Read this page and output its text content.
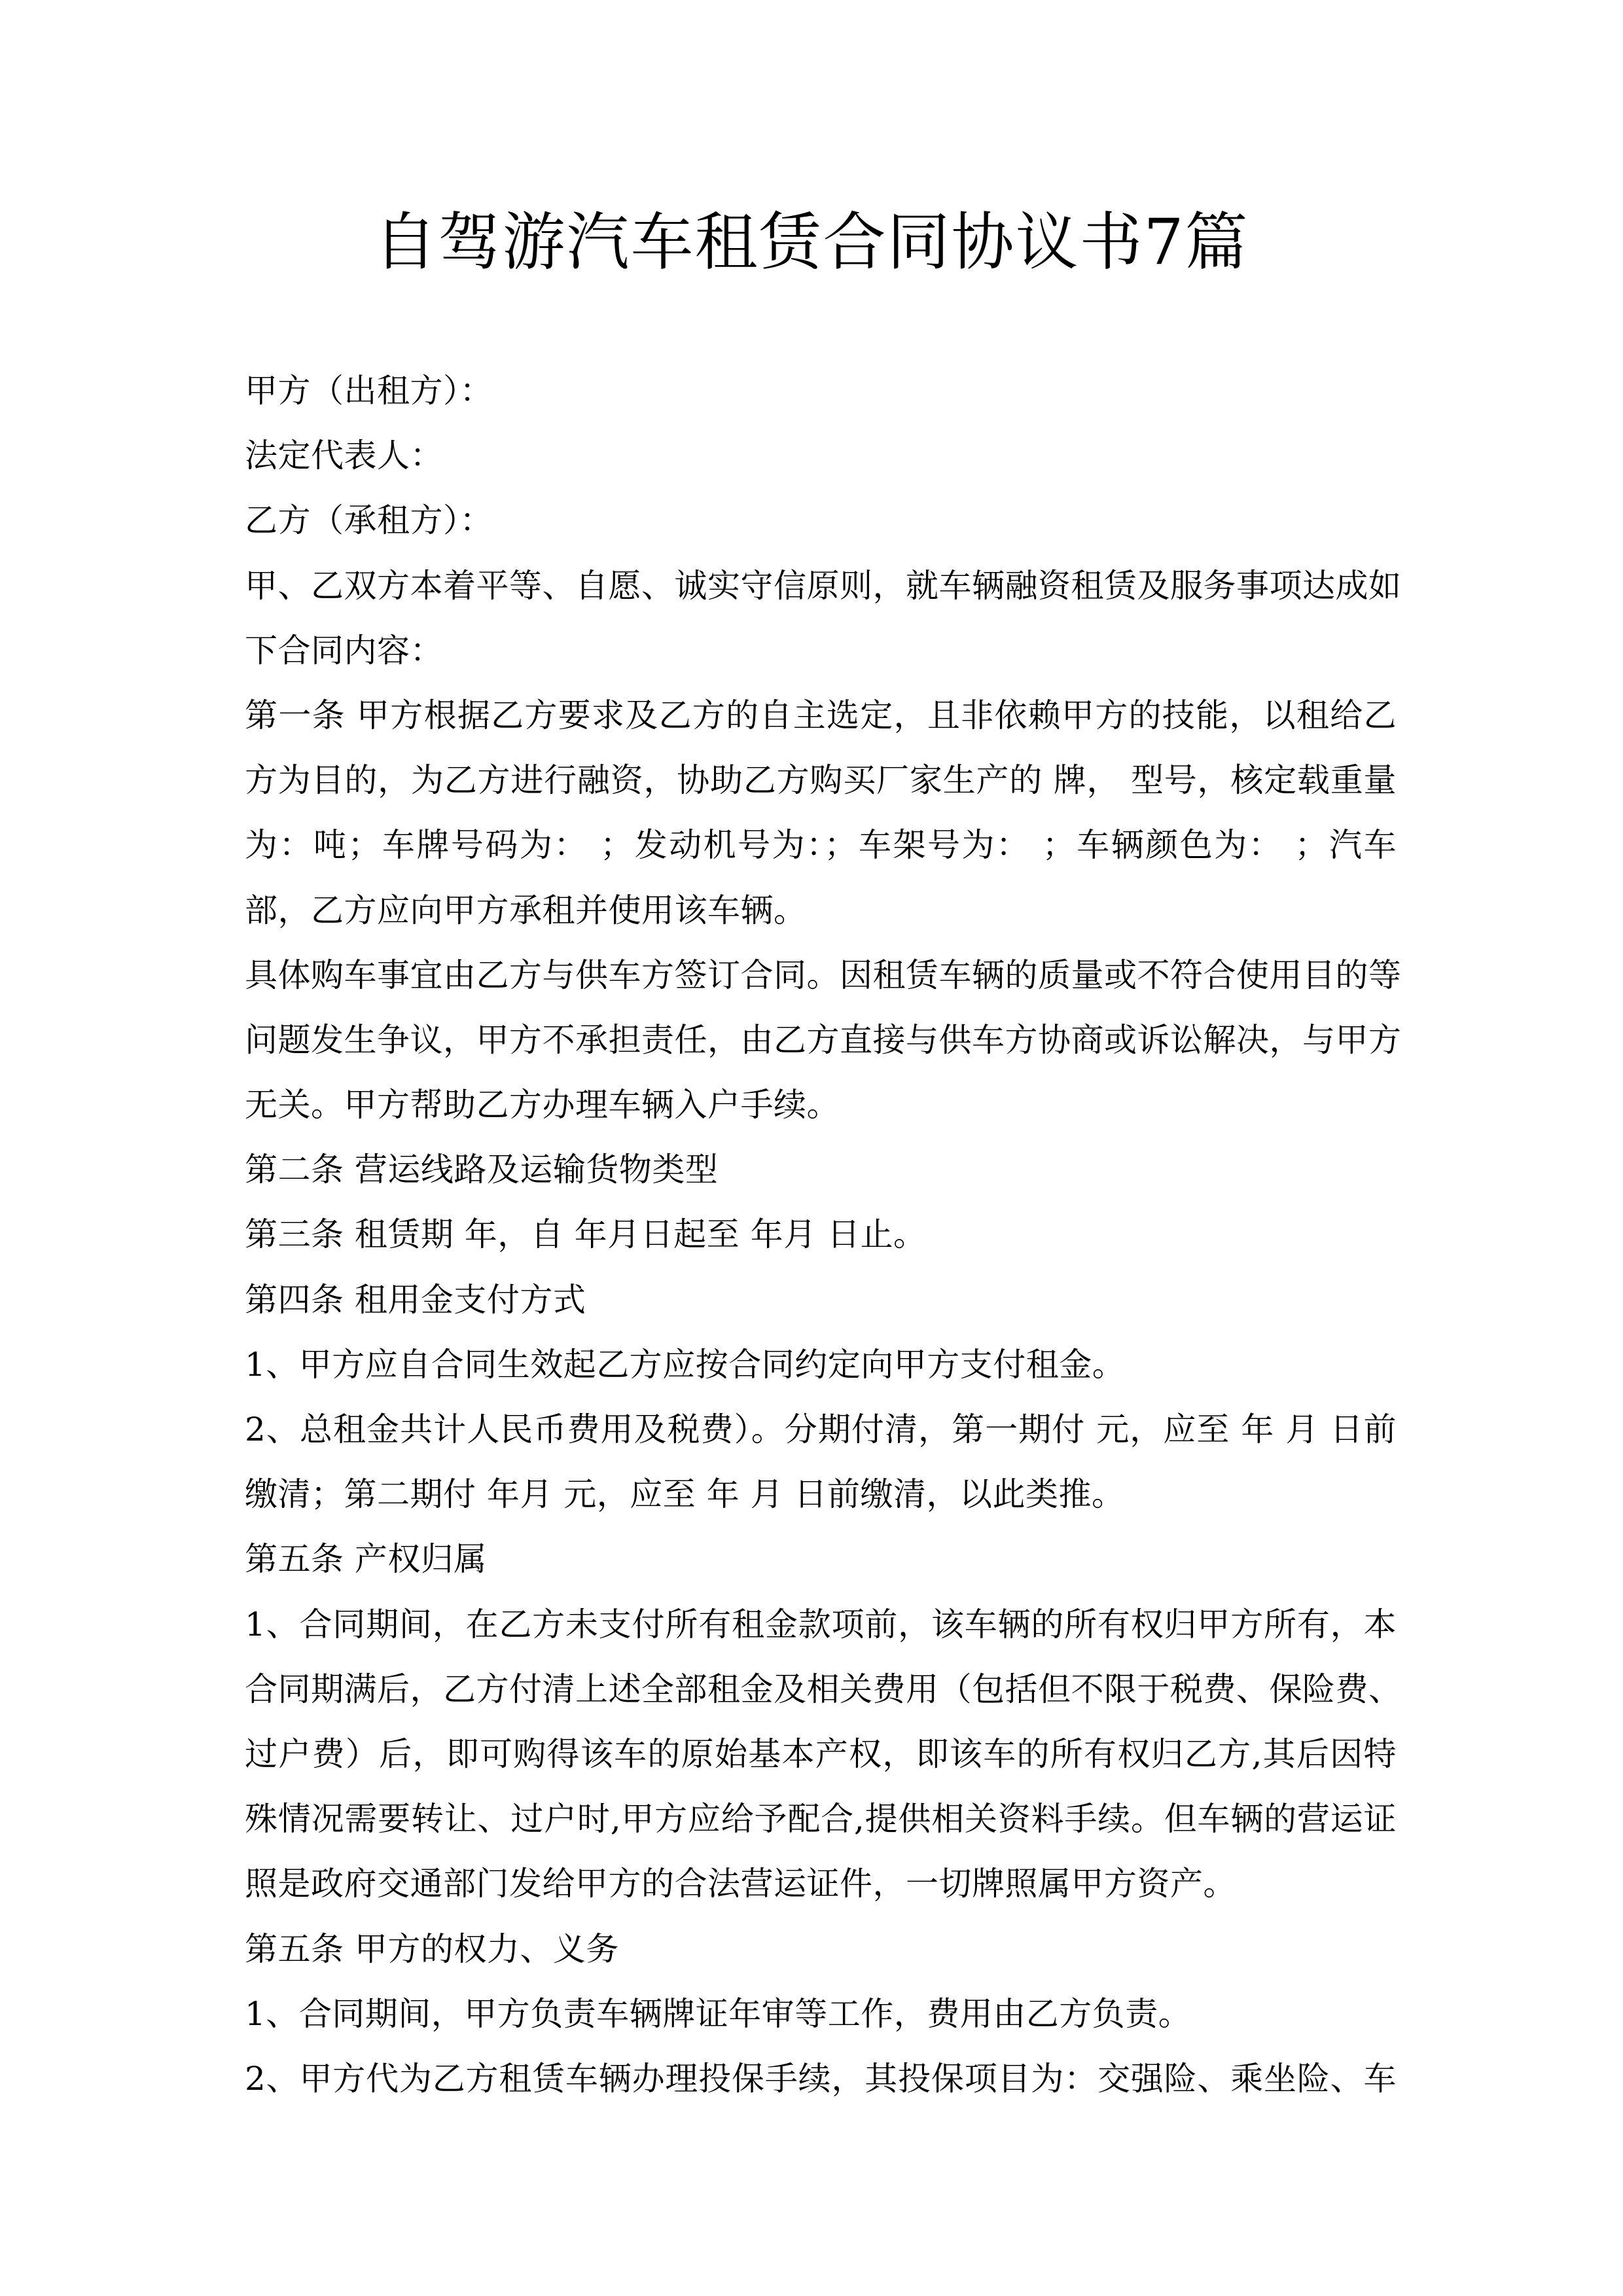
自驾游汽车租赁合同协议书7篇
甲方（出租方）：
法定代表人：
乙方（承租方）：
甲、乙双方本着平等、自愿、诚实守信原则，就车辆融资租赁及服务事项达成如
下合同内容：
第一条 甲方根据乙方要求及乙方的自主选定，且非依赖甲方的技能，以租给乙
方为目的，为乙方进行融资，协助乙方购买厂家生产的 牌， 型号，核定载重量
为：吨；车牌号码为： ；发动机号为：；车架号为： ；车辆颜色为： ；汽车
部，乙方应向甲方承租并使用该车辆。
具体购车事宜由乙方与供车方签订合同。因租赁车辆的质量或不符合使用目的等
问题发生争议，甲方不承担责任，由乙方直接与供车方协商或诉讼解决，与甲方
无关。甲方帮助乙方办理车辆入户手续。
第二条 营运线路及运输货物类型
第三条 租赁期 年，自 年月日起至 年月 日止。
第四条 租用金支付方式
1、甲方应自合同生效起乙方应按合同约定向甲方支付租金。
2、总租金共计人民币费用及税费）。分期付清，第一期付 元，应至 年 月 日前
缴清；第二期付 年月 元，应至 年 月 日前缴清，以此类推。
第五条 产权归属
1、合同期间，在乙方未支付所有租金款项前，该车辆的所有权归甲方所有，本
合同期满后，乙方付清上述全部租金及相关费用（包括但不限于税费、保险费、
过户费）后，即可购得该车的原始基本产权，即该车的所有权归乙方,其后因特
殊情况需要转让、过户时,甲方应给予配合,提供相关资料手续。但车辆的营运证
照是政府交通部门发给甲方的合法营运证件，一切牌照属甲方资产。
第五条 甲方的权力、义务
1、合同期间，甲方负责车辆牌证年审等工作，费用由乙方负责。
2、甲方代为乙方租赁车辆办理投保手续，其投保项目为：交强险、乘坐险、车
